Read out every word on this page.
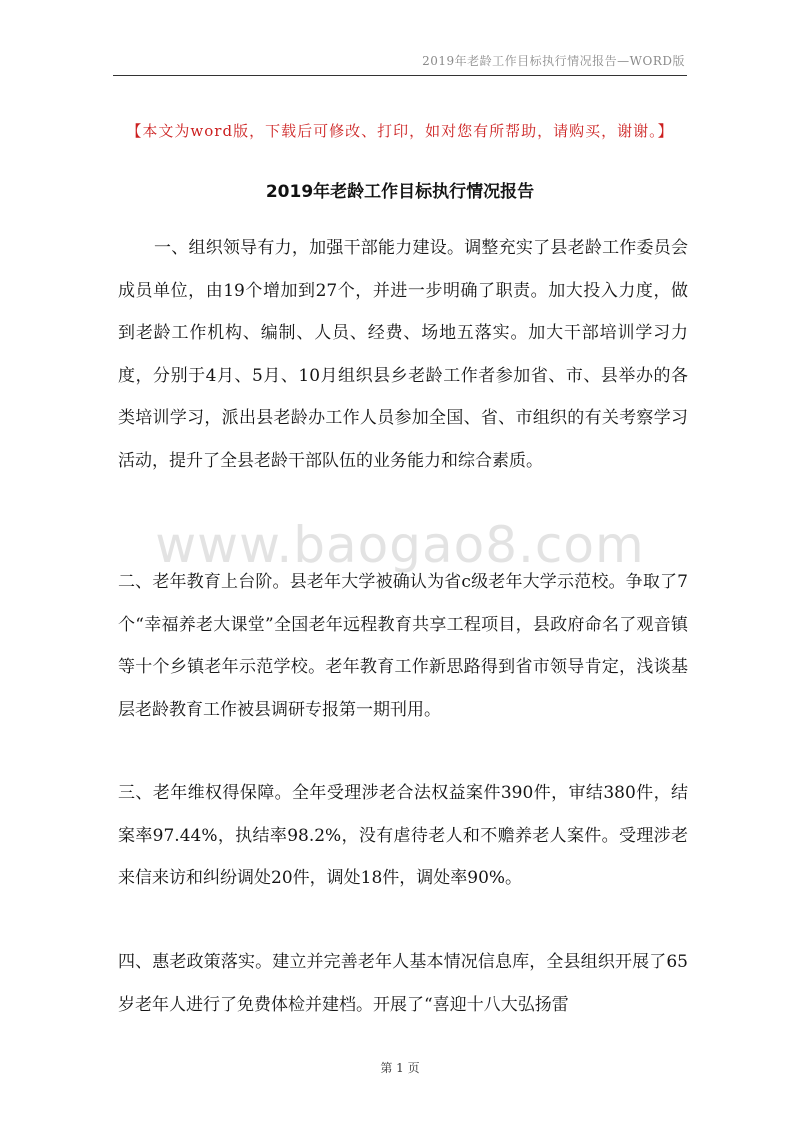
2019年老龄工作目标执行情况报告—WORD版
【本文为word版，下载后可修改、打印，如对您有所帮助，请购买，谢谢。】
2019年老龄工作目标执行情况报告

一、组织领导有力，加强干部能力建设。调整充实了县老龄工作委员会成员单位，由19个增加到27个，并进一步明确了职责。加大投入力度，做到老龄工作机构、编制、人员、经费、场地五落实。加大干部培训学习力度，分别于4月、5月、10月组织县乡老龄工作者参加省、市、县举办的各类培训学习，派出县老龄办工作人员参加全国、省、市组织的有关考察学习活动，提升了全县老龄干部队伍的业务能力和综合素质。

www.baogao8.com

二、老年教育上台阶。县老年大学被确认为省c级老年大学示范校。争取了7个“幸福养老大课堂”全国老年远程教育共享工程项目，县政府命名了观音镇等十个乡镇老年示范学校。老年教育工作新思路得到省市领导肯定，浅谈基层老龄教育工作被县调研专报第一期刊用。

三、老年维权得保障。全年受理涉老合法权益案件390件，审结380件，结案率97.44%，执结率98.2%，没有虐待老人和不赡养老人案件。受理涉老来信来访和纠纷调处20件，调处18件，调处率90%。

四、惠老政策落实。建立并完善老年人基本情况信息库，全县组织开展了65岁老年人进行了免费体检并建档。开展了“喜迎十八大弘扬雷

第 1 页
